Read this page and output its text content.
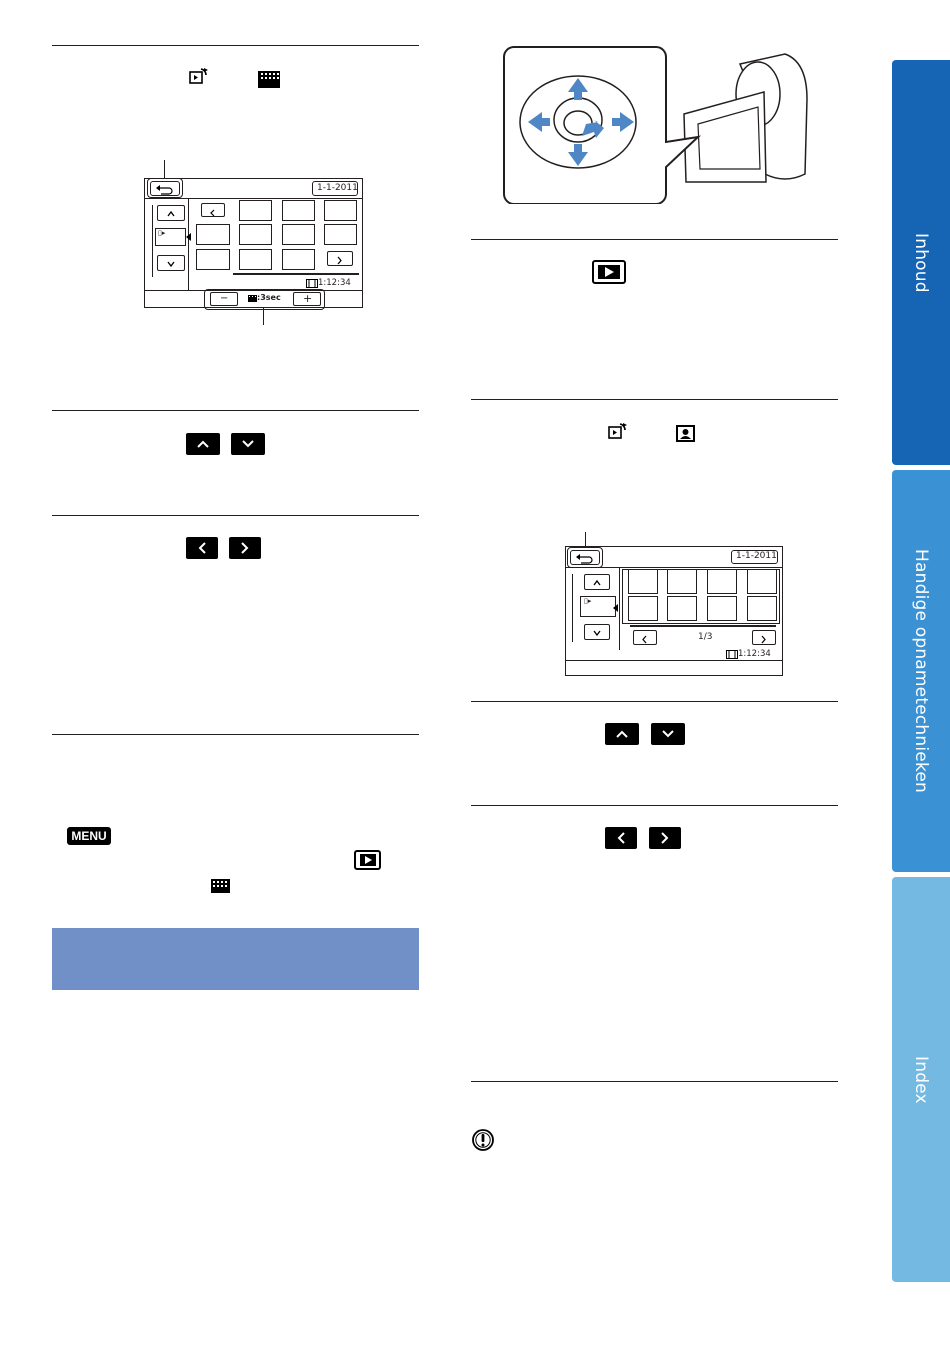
Inhoud
Handige opnametechnieken
Index
1-1-2011
▯▸
1:12:34
−	:3sec +
MENU
1-1-2011
▯▸
1/3
1:12:34
